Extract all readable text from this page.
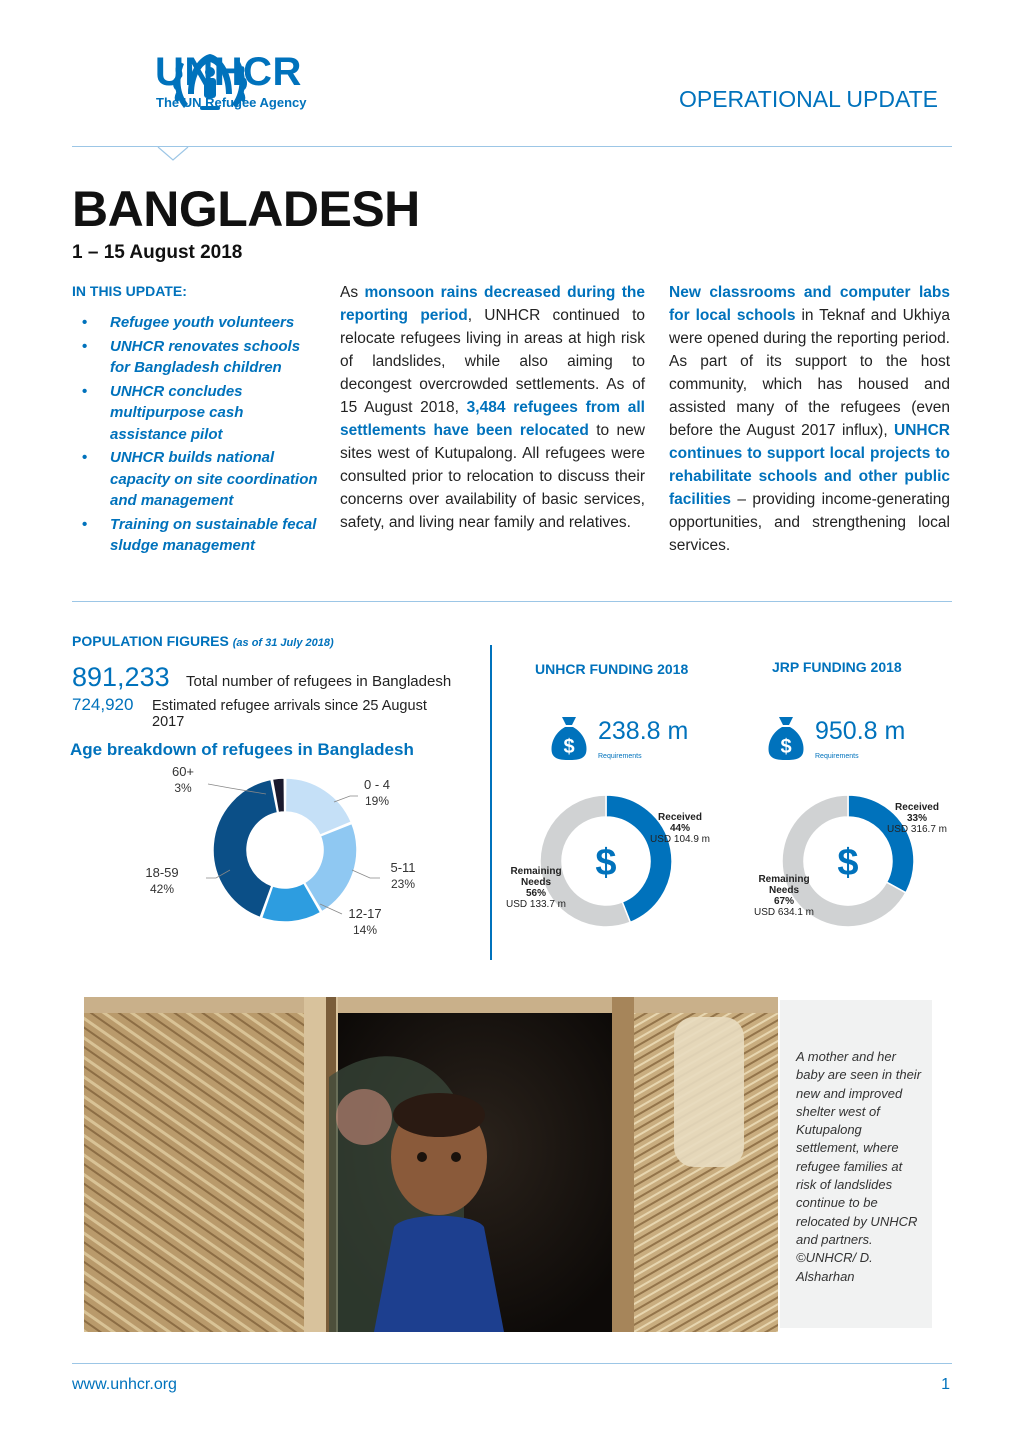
UNHCR
The UN Refugee Agency	OPERATIONAL UPDATE
BANGLADESH
1 – 15 August 2018
IN THIS UPDATE:
• Refugee youth volunteers
• UNHCR renovates schools for Bangladesh children
• UNHCR concludes multipurpose cash assistance pilot
• UNHCR builds national capacity on site coordination and management
• Training on sustainable fecal sludge management

As monsoon rains decreased during the reporting period, UNHCR continued to relocate refugees living in areas at high risk of landslides, while also aiming to decongest overcrowded settlements. As of 15 August 2018, 3,484 refugees from all settlements have been relocated to new sites west of Kutupalong. All refugees were consulted prior to relocation to discuss their concerns over availability of basic services, safety, and living near family and relatives.

New classrooms and computer labs for local schools in Teknaf and Ukhiya were opened during the reporting period. As part of its support to the host community, which has housed and assisted many of the refugees (even before the August 2017 influx), UNHCR continues to support local projects to rehabilitate schools and other public facilities – providing income-generating opportunities, and strengthening local services.

POPULATION FIGURES (as of 31 July 2018)
891,233 Total number of refugees in Bangladesh
724,920 Estimated refugee arrivals since 25 August 2017
Age breakdown of refugees in Bangladesh
0 - 4
19%
5-11
23%
12-17
14%
18-59
42%
60+
3%
UNHCR FUNDING 2018
$
238.8 m
Requirements
$
Received
44%
USD 104.9 m
Remaining Needs
56%
USD 133.7 m
JRP FUNDING 2018
$
950.8 m
Requirements
$
Received
33%
USD 316.7 m
Remaining Needs
67%
USD 634.1 m
A mother and her baby are seen in their new and improved shelter west of Kutupalong settlement, where refugee families at risk of landslides continue to be relocated by UNHCR and partners. ©UNHCR/ D. Alsharhan
www.unhcr.org	1
